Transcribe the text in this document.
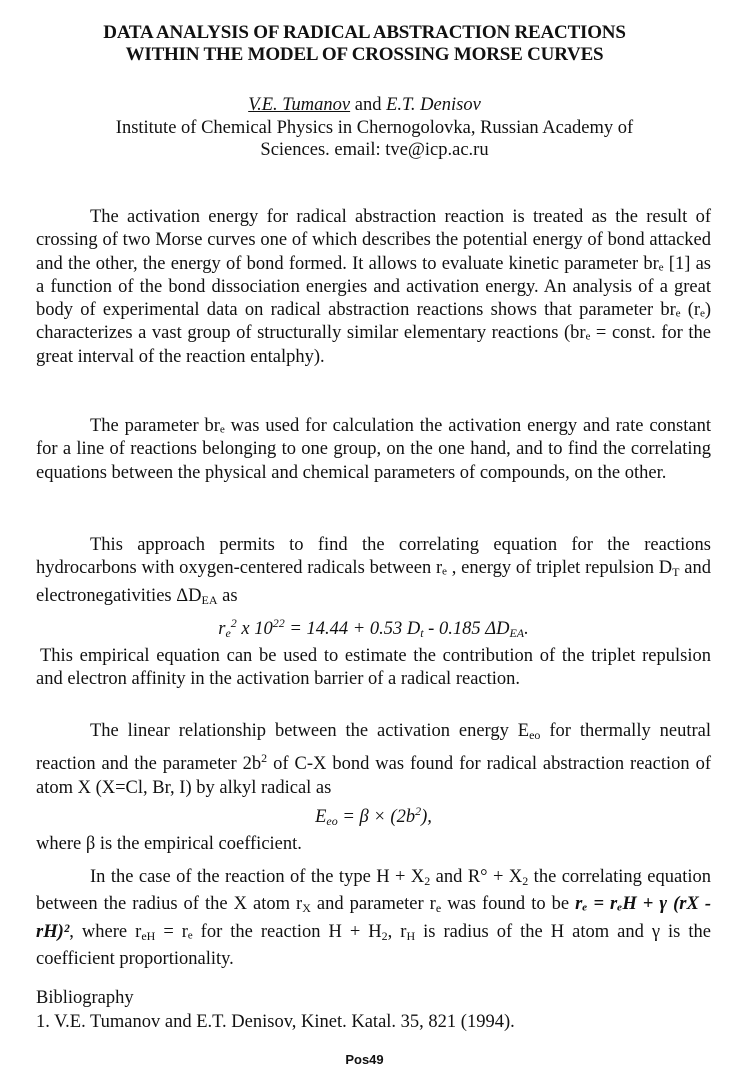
DATA ANALYSIS OF RADICAL ABSTRACTION REACTIONS
WITHIN THE MODEL OF CROSSING MORSE CURVES
V.E. Tumanov and E.T. Denisov
Institute of Chemical Physics in Chernogolovka, Russian Academy of
Sciences. email: tve@icp.ac.ru

The activation energy for radical abstraction reaction is treated as the result of crossing of two Morse curves one of which describes the potential energy of bond attacked and the other, the energy of bond formed. It allows to evaluate kinetic parameter brₑ [1] as a function of the bond dissociation energies and activation energy. An analysis of a great body of experimental data on radical abstraction reactions shows that parameter brₑ (rₑ) characterizes a vast group of structurally similar elementary reactions (brₑ = const. for the great interval of the reaction entalphy).

The parameter brₑ was used for calculation the activation energy and rate constant for a line of reactions belonging to one group, on the one hand, and to find the correlating equations between the physical and chemical parameters of compounds, on the other.

This approach permits to find the correlating equation for the reactions hydrocarbons with oxygen-centered radicals between rₑ , energy of triplet repulsion $D_T$ and electronegativities $\Delta D_{EA}$ as

$r_e^2$ x $10^{22} = 14.44 + 0.53$ $D_t - 0.185$ $\Delta D_{EA}$.

This empirical equation can be used to estimate the contribution of the triplet repulsion and electron affinity in the activation barrier of a radical reaction.

The linear relationship between the activation energy $E_{eo}$ for thermally neutral reaction and the parameter $2b^2$ of C-X bond was found for radical abstraction reaction of atom X (X=Cl, Br, I) by alkyl radical as

$E_{eo} = \beta \times (2b^2)$,

where β is the empirical coefficient.

In the case of the reaction of the type $H + X_2$ and $R^\circ + X_2$ the correlating equation between the radius of the X atom $r_X$ and parameter $r_e$ was found to be rₑ = rₑH + γ (rX - rH)², where $r_{eH} = r_e$ for the reaction $H + H_2$, $r_H$ is radius of the H atom and γ is the coefficient proportionality.

Bibliography
1. V.E. Tumanov and E.T. Denisov, Kinet. Katal. 35, 821 (1994).
Pos49
